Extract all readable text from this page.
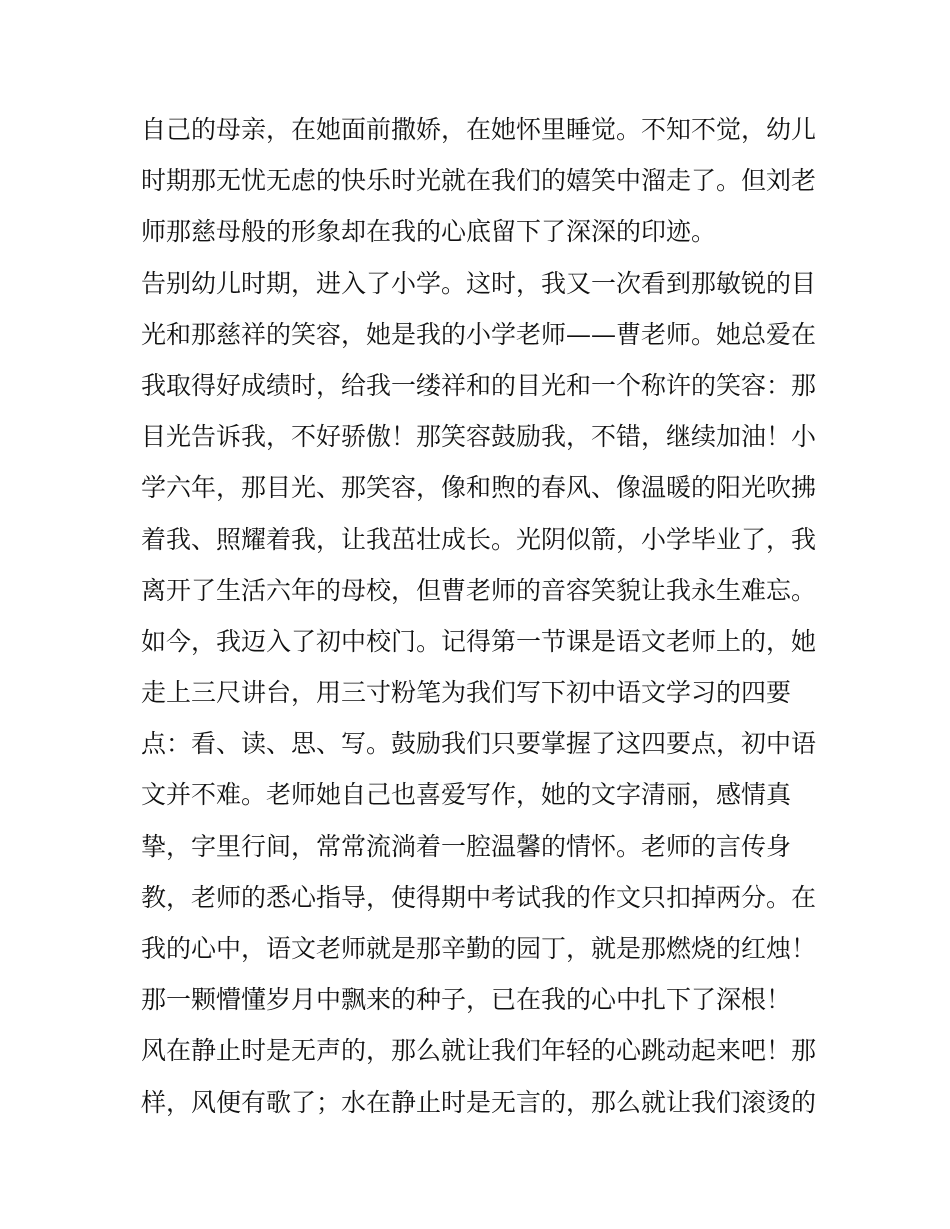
自己的母亲，在她面前撒娇，在她怀里睡觉。不知不觉，幼儿
时期那无忧无虑的快乐时光就在我们的嬉笑中溜走了。但刘老
师那慈母般的形象却在我的心底留下了深深的印迹。
告别幼儿时期，进入了小学。这时，我又一次看到那敏锐的目
光和那慈祥的笑容，她是我的小学老师——曹老师。她总爱在
我取得好成绩时，给我一缕祥和的目光和一个称许的笑容：那
目光告诉我，不好骄傲！那笑容鼓励我，不错，继续加油！小
学六年，那目光、那笑容，像和煦的春风、像温暖的阳光吹拂
着我、照耀着我，让我茁壮成长。光阴似箭，小学毕业了，我
离开了生活六年的母校，但曹老师的音容笑貌让我永生难忘。
如今，我迈入了初中校门。记得第一节课是语文老师上的，她
走上三尺讲台，用三寸粉笔为我们写下初中语文学习的四要
点：看、读、思、写。鼓励我们只要掌握了这四要点，初中语
文并不难。老师她自己也喜爱写作，她的文字清丽，感情真
挚，字里行间，常常流淌着一腔温馨的情怀。老师的言传身
教，老师的悉心指导，使得期中考试我的作文只扣掉两分。在
我的心中，语文老师就是那辛勤的园丁，就是那燃烧的红烛！
那一颗懵懂岁月中飘来的种子，已在我的心中扎下了深根！
风在静止时是无声的，那么就让我们年轻的心跳动起来吧！那
样，风便有歌了；水在静止时是无言的，那么就让我们滚烫的
